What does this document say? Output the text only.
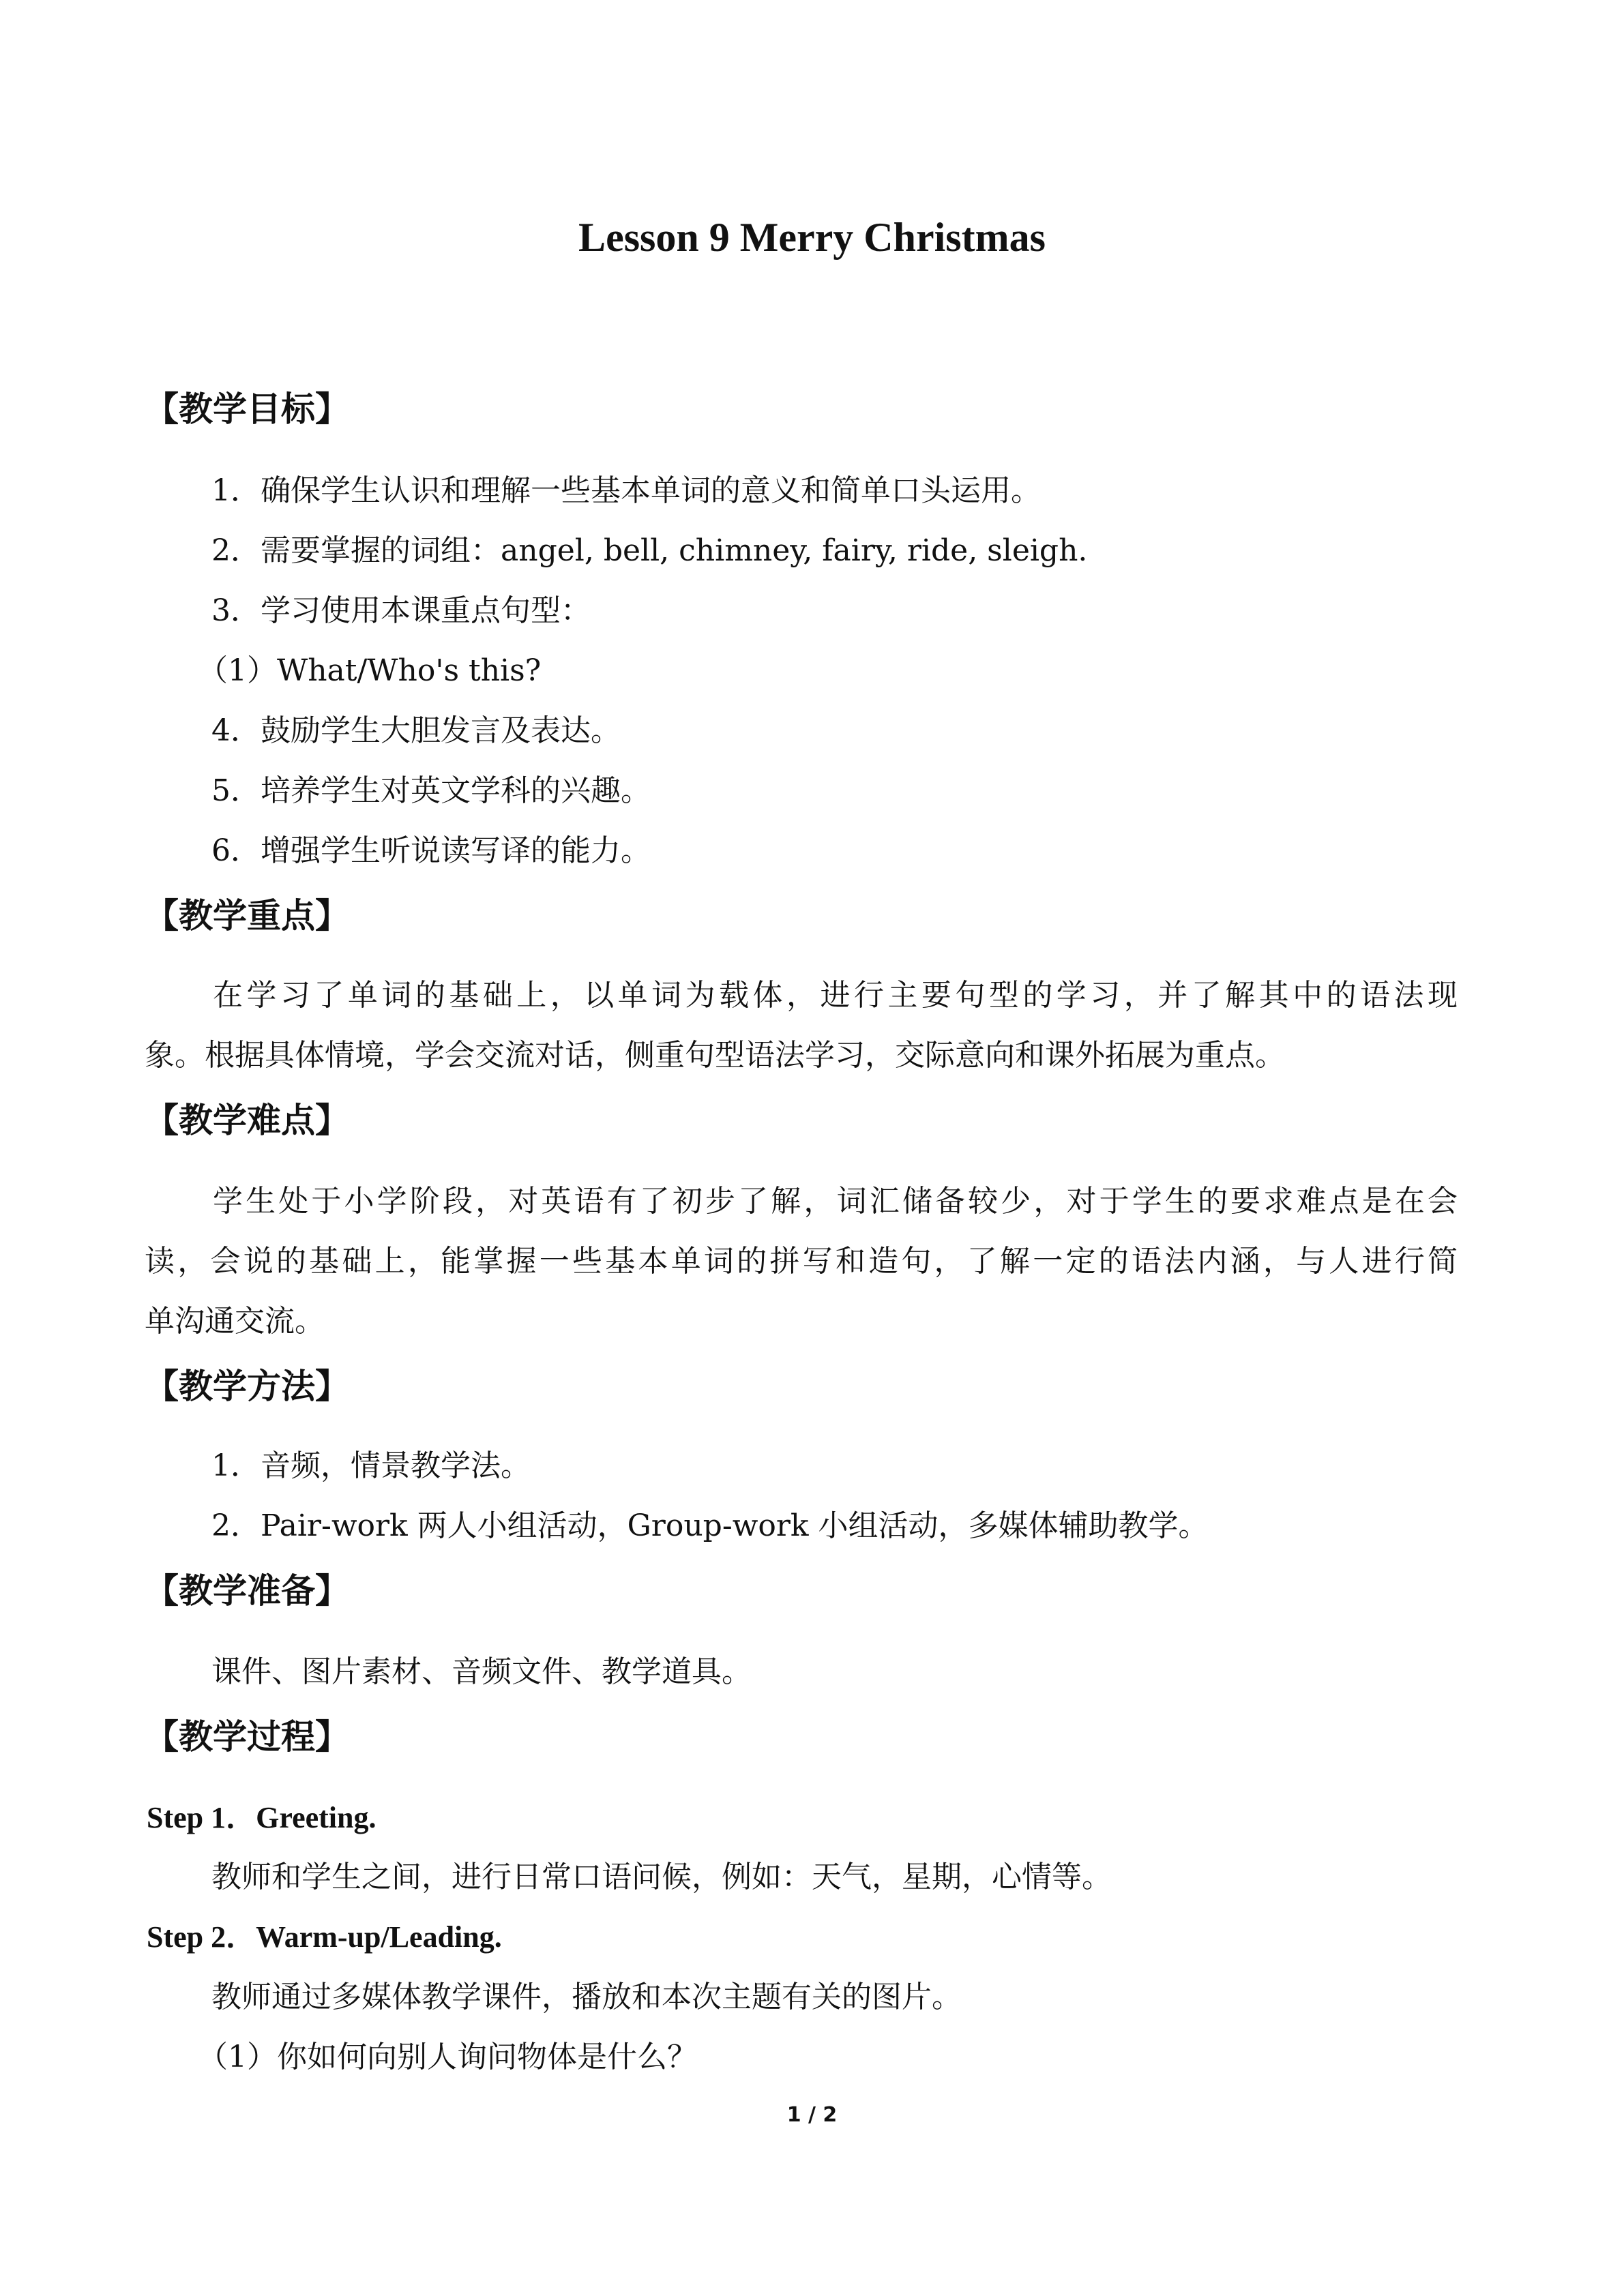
Lesson 9 Merry Christmas
【教学目标】
1．确保学生认识和理解一些基本单词的意义和简单口头运用。
2．需要掌握的词组：angel, bell, chimney, fairy, ride, sleigh.
3．学习使用本课重点句型：
（1）What/Who's this?
4．鼓励学生大胆发言及表达。
5．培养学生对英文学科的兴趣。
6．增强学生听说读写译的能力。
【教学重点】
在学习了单词的基础上，以单词为载体，进行主要句型的学习，并了解其中的语法现
象。根据具体情境，学会交流对话，侧重句型语法学习，交际意向和课外拓展为重点。
【教学难点】
学生处于小学阶段，对英语有了初步了解，词汇储备较少，对于学生的要求难点是在会
读，会说的基础上，能掌握一些基本单词的拼写和造句，了解一定的语法内涵，与人进行简
单沟通交流。
【教学方法】
1．音频，情景教学法。
2．Pair-work 两人小组活动，Group-work 小组活动，多媒体辅助教学。
【教学准备】
课件、图片素材、音频文件、教学道具。
【教学过程】
Step 1．Greeting.
教师和学生之间，进行日常口语问候，例如：天气，星期，心情等。
Step 2．Warm-up/Leading.
教师通过多媒体教学课件，播放和本次主题有关的图片。
（1）你如何向别人询问物体是什么？
1 / 2
